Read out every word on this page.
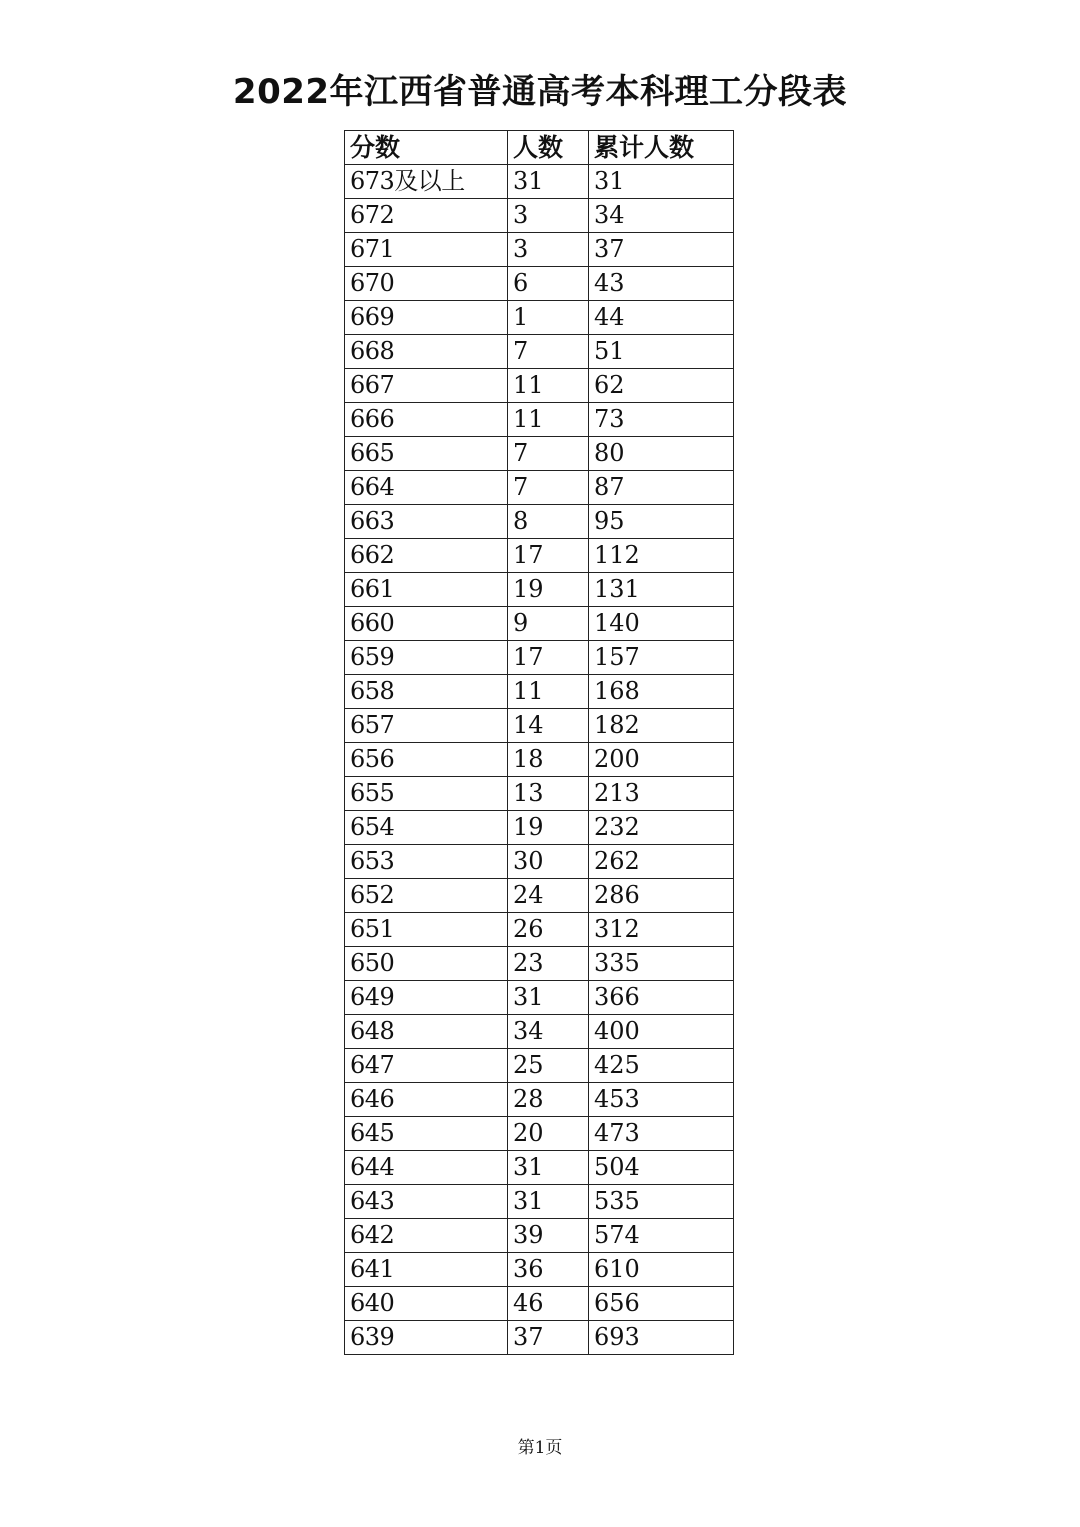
2022年江西省普通高考本科理工分段表
分数	人数	累计人数
673及以上	31	31
672	3	34
671	3	37
670	6	43
669	1	44
668	7	51
667	11	62
666	11	73
665	7	80
664	7	87
663	8	95
662	17	112
661	19	131
660	9	140
659	17	157
658	11	168
657	14	182
656	18	200
655	13	213
654	19	232
653	30	262
652	24	286
651	26	312
650	23	335
649	31	366
648	34	400
647	25	425
646	28	453
645	20	473
644	31	504
643	31	535
642	39	574
641	36	610
640	46	656
639	37	693
第1页
